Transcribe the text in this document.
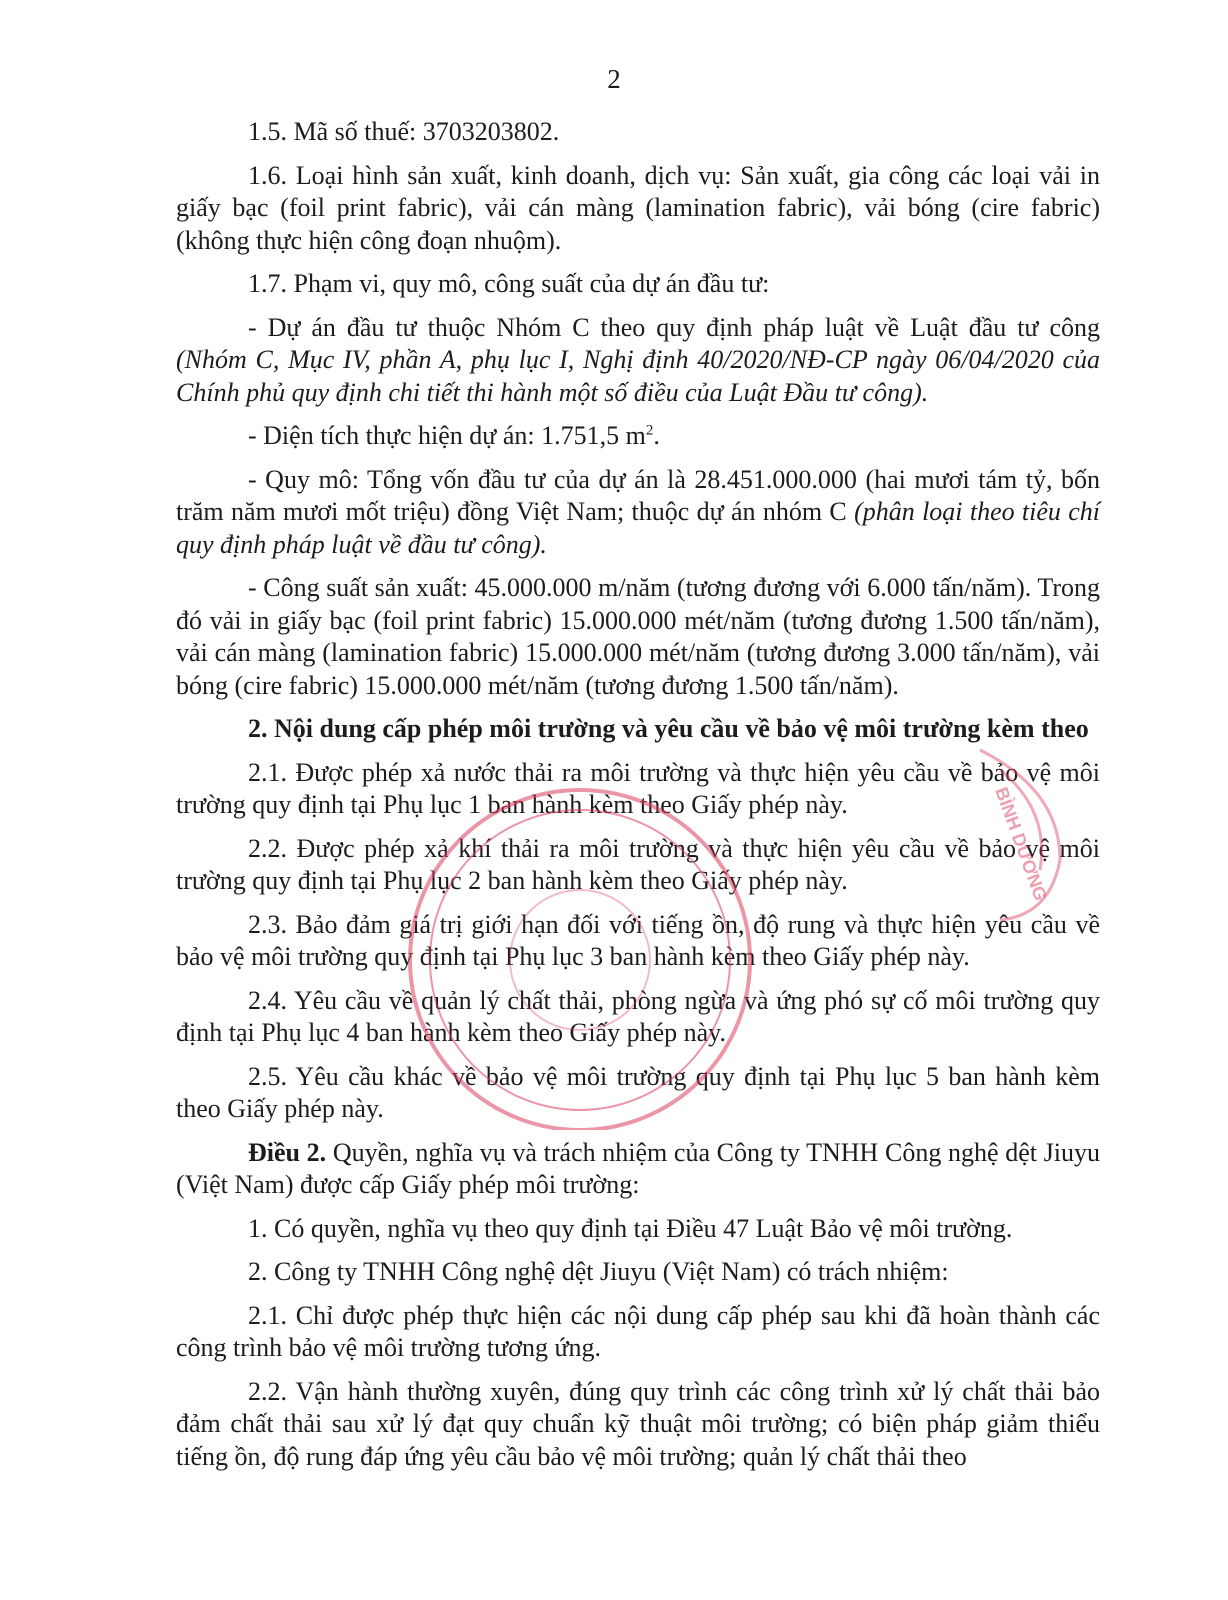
2

1.5. Mã số thuế: 3703203802.

1.6. Loại hình sản xuất, kinh doanh, dịch vụ: Sản xuất, gia công các loại vải in giấy bạc (foil print fabric), vải cán màng (lamination fabric), vải bóng (cire fabric) (không thực hiện công đoạn nhuộm).

1.7. Phạm vi, quy mô, công suất của dự án đầu tư:

- Dự án đầu tư thuộc Nhóm C theo quy định pháp luật về Luật đầu tư công (Nhóm C, Mục IV, phần A, phụ lục I, Nghị định 40/2020/NĐ-CP ngày 06/04/2020 của Chính phủ quy định chi tiết thi hành một số điều của Luật Đầu tư công).

- Diện tích thực hiện dự án: 1.751,5 $m^2$.

- Quy mô: Tổng vốn đầu tư của dự án là 28.451.000.000 (hai mươi tám tỷ, bốn trăm năm mươi mốt triệu) đồng Việt Nam; thuộc dự án nhóm C (phân loại theo tiêu chí quy định pháp luật về đầu tư công).

- Công suất sản xuất: 45.000.000 m/năm (tương đương với 6.000 tấn/năm). Trong đó vải in giấy bạc (foil print fabric) 15.000.000 mét/năm (tương đương 1.500 tấn/năm), vải cán màng (lamination fabric) 15.000.000 mét/năm (tương đương 3.000 tấn/năm), vải bóng (cire fabric) 15.000.000 mét/năm (tương đương 1.500 tấn/năm).

2. Nội dung cấp phép môi trường và yêu cầu về bảo vệ môi trường kèm theo

2.1. Được phép xả nước thải ra môi trường và thực hiện yêu cầu về bảo vệ môi trường quy định tại Phụ lục 1 ban hành kèm theo Giấy phép này.

2.2. Được phép xả khí thải ra môi trường và thực hiện yêu cầu về bảo vệ môi trường quy định tại Phụ lục 2 ban hành kèm theo Giấy phép này.

2.3. Bảo đảm giá trị giới hạn đối với tiếng ồn, độ rung và thực hiện yêu cầu về bảo vệ môi trường quy định tại Phụ lục 3 ban hành kèm theo Giấy phép này.

2.4. Yêu cầu về quản lý chất thải, phòng ngừa và ứng phó sự cố môi trường quy định tại Phụ lục 4 ban hành kèm theo Giấy phép này.

2.5. Yêu cầu khác về bảo vệ môi trường quy định tại Phụ lục 5 ban hành kèm theo Giấy phép này.

Điều 2. Quyền, nghĩa vụ và trách nhiệm của Công ty TNHH Công nghệ dệt Jiuyu (Việt Nam) được cấp Giấy phép môi trường:

1. Có quyền, nghĩa vụ theo quy định tại Điều 47 Luật Bảo vệ môi trường.

2. Công ty TNHH Công nghệ dệt Jiuyu (Việt Nam) có trách nhiệm:

2.1. Chỉ được phép thực hiện các nội dung cấp phép sau khi đã hoàn thành các công trình bảo vệ môi trường tương ứng.

2.2. Vận hành thường xuyên, đúng quy trình các công trình xử lý chất thải bảo đảm chất thải sau xử lý đạt quy chuẩn kỹ thuật môi trường; có biện pháp giảm thiểu tiếng ồn, độ rung đáp ứng yêu cầu bảo vệ môi trường; quản lý chất thải theo

BÌNH DƯƠNG
